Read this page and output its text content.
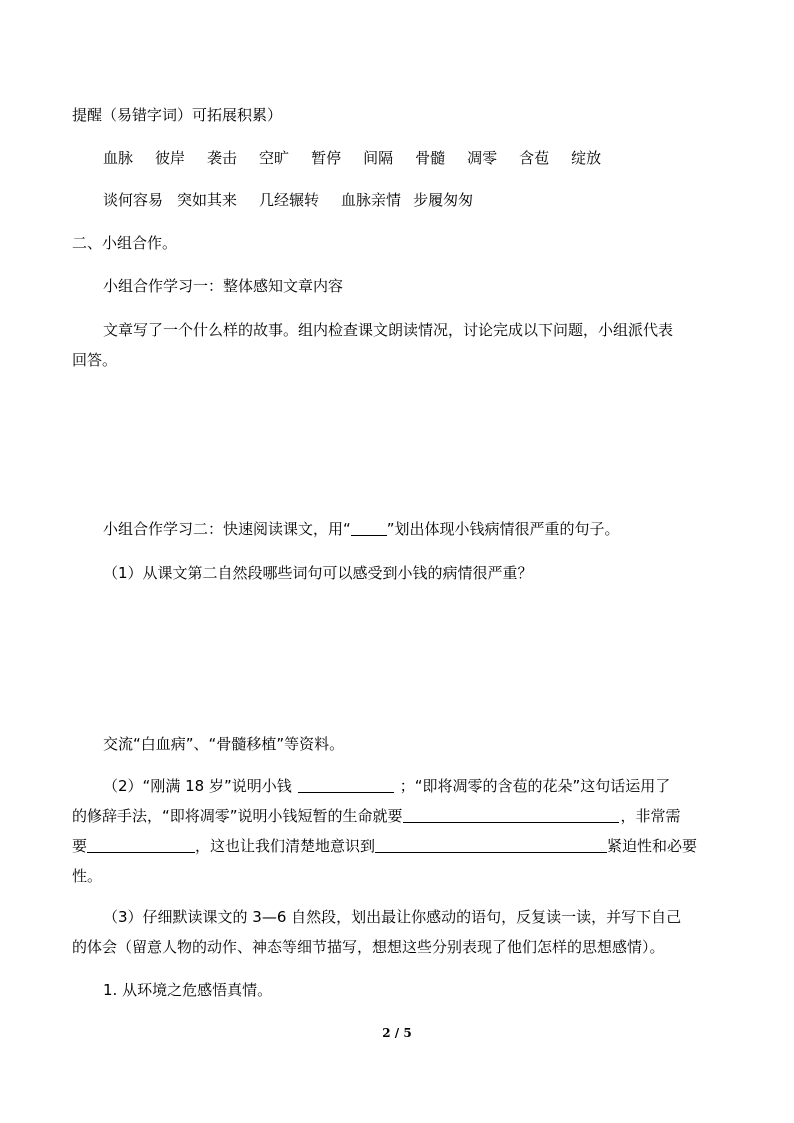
提醒（易错字词）可拓展积累）
血脉 彼岸 袭击 空旷 暂停 间隔 骨髓 凋零 含苞 绽放
谈何容易 突如其来 几经辗转 血脉亲情 步履匆匆
二、小组合作。
小组合作学习一：整体感知文章内容
文章写了一个什么样的故事。组内检查课文朗读情况，讨论完成以下问题，小组派代表
回答。
小组合作学习二：快速阅读课文，用“ ”划出体现小钱病情很严重的句子。
（1）从课文第二自然段哪些词句可以感受到小钱的病情很严重？
交流“白血病”、“骨髓移植”等资料。
（2）“刚满 18 岁”说明小钱	；“即将凋零的含苞的花朵”这句话运用了
的修辞手法，“即将凋零”说明小钱短暂的生命就要	，非常需
要	，这也让我们清楚地意识到	紧迫性和必要
性。
（3）仔细默读课文的 3—6 自然段，划出最让你感动的语句，反复读一读，并写下自己
的体会（留意人物的动作、神态等细节描写，想想这些分别表现了他们怎样的思想感情）。
1. 从环境之危感悟真情。
2 / 5
